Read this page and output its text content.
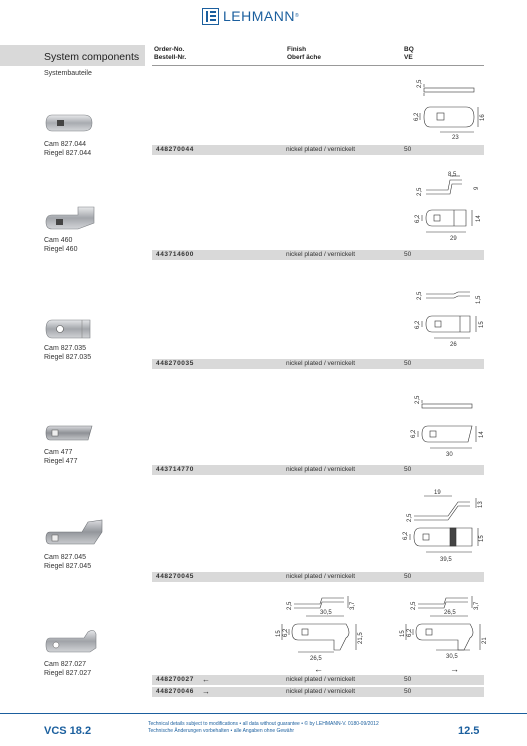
LEHMANN ®
System components
Systembauteile
Order-No.
Bestell-Nr.
Finish
Oberf äche
BQ
VE
Cam 827.044
Riegel 827.044
2,5
6,2	16
23
448270044	nickel plated / vernickelt	50
Cam 460
Riegel 460
8,5
2,5	9
6,2	14
29
443714600	nickel plated / vernickelt	50
Cam 827.035
Riegel 827.035
2,5	1,5
6,2	15
26
448270035	nickel plated / vernickelt	50
Cam 477
Riegel 477
2,5
6,2	14
30
443714770	nickel plated / vernickelt	50
Cam 827.045
Riegel 827.045
19
13
2,5
6,2	15
39,5
448270045	nickel plated / vernickelt	50
Cam 827.027
Riegel 827.027
2,5
30,5
3,7
15 6,2	21,5
26,5
←
2,5
26,5
3,7
15 6,2
21
30,5
→
448270027 ←	nickel plated / vernickelt	50
448270046 →	nickel plated / vernickelt	50
VCS 18.2
Technical details subject to modifications • all data without guarantee • © by LEHMANN-V. 0180-09/2012
Technische Änderungen vorbehalten • alle Angaben ohne Gewähr	12.5
